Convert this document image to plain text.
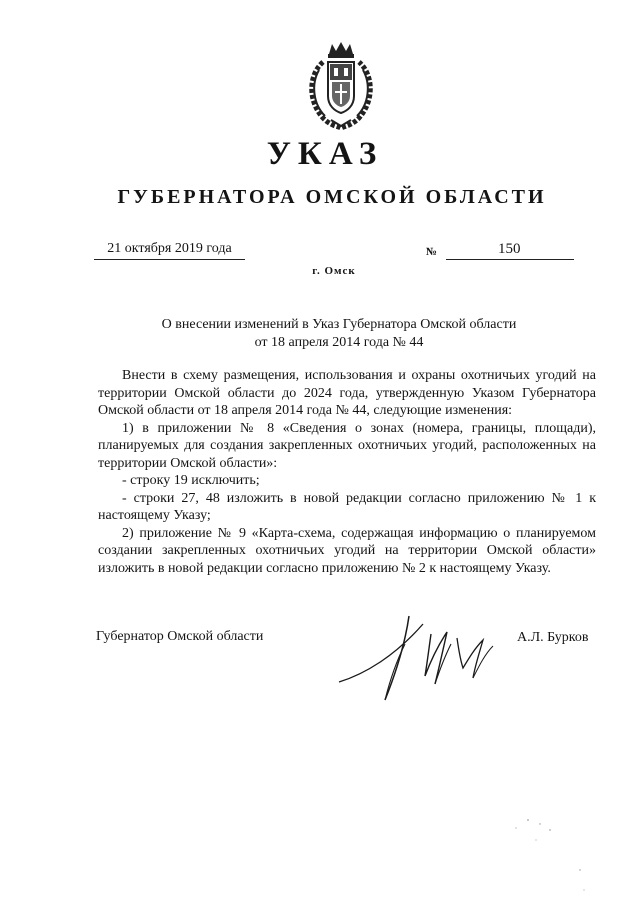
УКАЗ
ГУБЕРНАТОРА ОМСКОЙ ОБЛАСТИ
21 октября 2019 года	№	150
г. Омск
О внесении изменений в Указ Губернатора Омской области
от 18 апреля 2014 года № 44

Внести в схему размещения, использования и охраны охотничьих угодий на территории Омской области до 2024 года, утвержденную Указом Губернатора Омской области от 18 апреля 2014 года № 44, следующие изменения:

1) в приложении № 8 «Сведения о зонах (номера, границы, площади), планируемых для создания закрепленных охотничьих угодий, расположенных на территории Омской области»:

- строку 19 исключить;

- строки 27, 48 изложить в новой редакции согласно приложению № 1 к настоящему Указу;

2) приложение № 9 «Карта-схема, содержащая информацию о планируемом создании закрепленных охотничьих угодий на территории Омской области» изложить в новой редакции согласно приложению № 2 к настоящему Указу.

Губернатор Омской области	А.Л. Бурков
